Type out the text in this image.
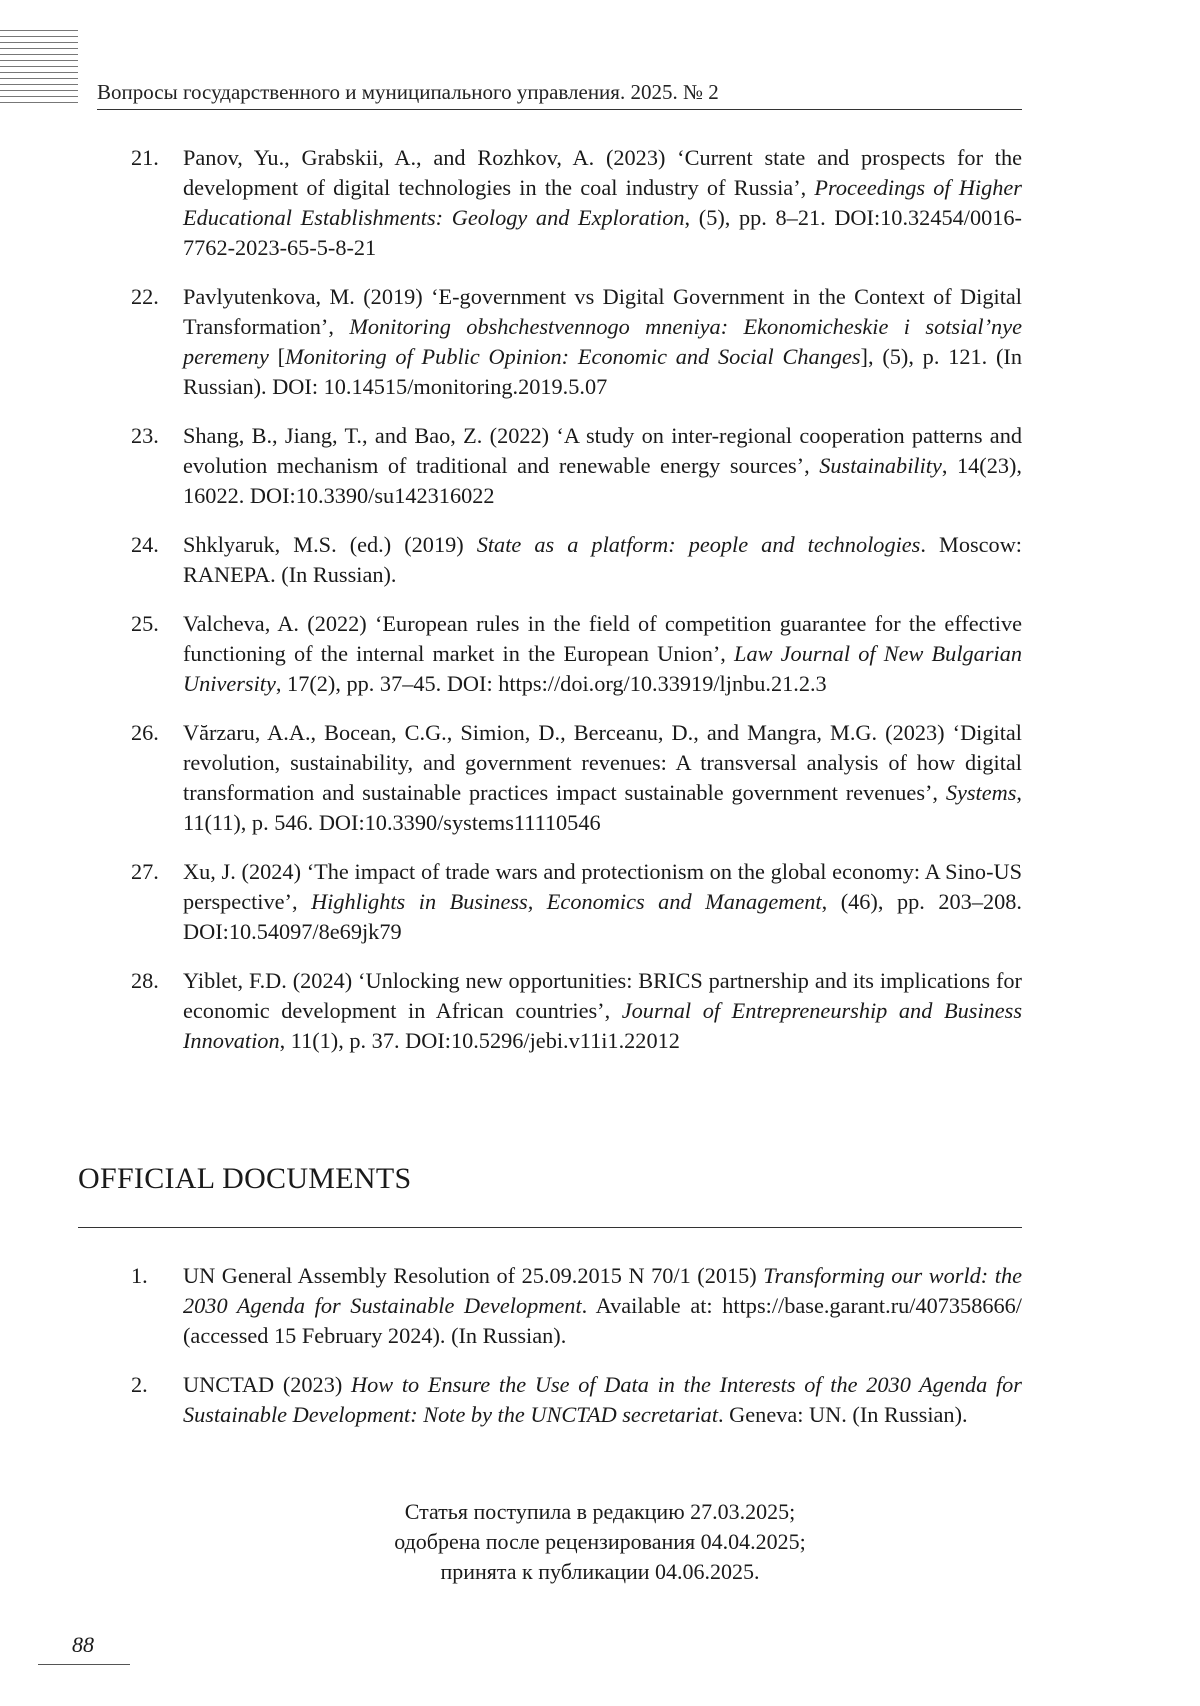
Вопросы государственного и муниципального управления. 2025. № 2
21. Panov, Yu., Grabskii, A., and Rozhkov, A. (2023) ‘Current state and prospects for the development of digital technologies in the coal industry of Russia’, Proceedings of Higher Educational Establishments: Geology and Exploration, (5), pp. 8–21. DOI:10.32454/0016-7762-2023-65-5-8-21
22. Pavlyutenkova, M. (2019) ‘E-government vs Digital Government in the Context of Digital Transformation’, Monitoring obshchestvennogo mneniya: Ekonomicheskie i sotsial’nye peremeny [Monitoring of Public Opinion: Economic and Social Changes], (5), p. 121. (In Russian). DOI: 10.14515/monitoring.2019.5.07
23. Shang, B., Jiang, T., and Bao, Z. (2022) ‘A study on inter-regional cooperation patterns and evolution mechanism of traditional and renewable energy sources’, Sustainability, 14(23), 16022. DOI:10.3390/su142316022
24. Shklyaruk, M.S. (ed.) (2019) State as a platform: people and technologies. Moscow: RANEPA. (In Russian).
25. Valcheva, A. (2022) ‘European rules in the field of competition guarantee for the effective functioning of the internal market in the European Union’, Law Journal of New Bulgarian University, 17(2), pp. 37–45. DOI: https://doi.org/10.33919/ljnbu.21.2.3
26. Vărzaru, A.A., Bocean, C.G., Simion, D., Berceanu, D., and Mangra, M.G. (2023) ‘Digital revolution, sustainability, and government revenues: A transversal analysis of how digital transformation and sustainable practices impact sustainable government revenues’, Systems, 11(11), p. 546. DOI:10.3390/systems11110546
27. Xu, J. (2024) ‘The impact of trade wars and protectionism on the global economy: A Sino-US perspective’, Highlights in Business, Economics and Management, (46), pp. 203–208. DOI:10.54097/8e69jk79
28. Yiblet, F.D. (2024) ‘Unlocking new opportunities: BRICS partnership and its implications for economic development in African countries’, Journal of Entrepreneurship and Business Innovation, 11(1), p. 37. DOI:10.5296/jebi.v11i1.22012
OFFICIAL DOCUMENTS
1. UN General Assembly Resolution of 25.09.2015 N 70/1 (2015) Transforming our world: the 2030 Agenda for Sustainable Development. Available at: https://base.garant.ru/407358666/ (accessed 15 February 2024). (In Russian).
2. UNCTAD (2023) How to Ensure the Use of Data in the Interests of the 2030 Agenda for Sustainable Development: Note by the UNCTAD secretariat. Geneva: UN. (In Russian).
Статья поступила в редакцию 27.03.2025;
одобрена после рецензирования 04.04.2025;
принята к публикации 04.06.2025.
88
